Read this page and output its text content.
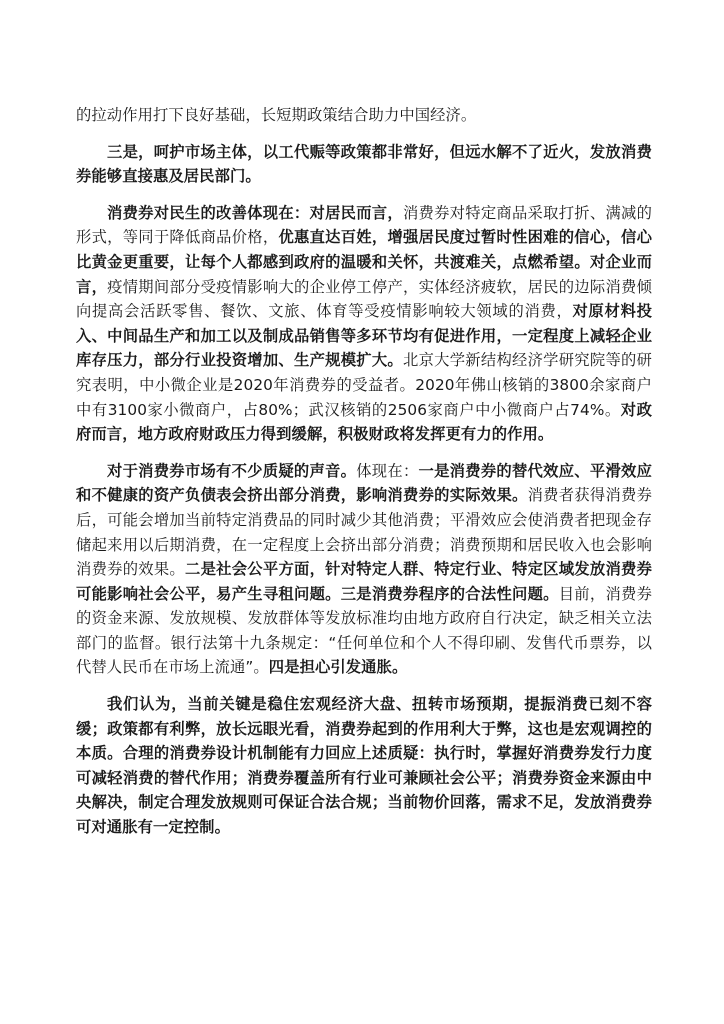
的拉动作用打下良好基础，长短期政策结合助力中国经济。

三是，呵护市场主体，以工代赈等政策都非常好，但远水解不了近火，发放消费券能够直接惠及居民部门。

消费券对民生的改善体现在：对居民而言，消费券对特定商品采取打折、满减的形式，等同于降低商品价格，优惠直达百姓，增强居民度过暂时性困难的信心，信心比黄金更重要，让每个人都感到政府的温暖和关怀，共渡难关，点燃希望。对企业而言，疫情期间部分受疫情影响大的企业停工停产，实体经济疲软，居民的边际消费倾向提高会活跃零售、餐饮、文旅、体育等受疫情影响较大领域的消费，对原材料投入、中间品生产和加工以及制成品销售等多环节均有促进作用，一定程度上减轻企业库存压力，部分行业投资增加、生产规模扩大。北京大学新结构经济学研究院等的研究表明，中小微企业是2020年消费券的受益者。2020年佛山核销的3800余家商户中有3100家小微商户，占80%；武汉核销的2506家商户中小微商户占74%。对政府而言，地方政府财政压力得到缓解，积极财政将发挥更有力的作用。

对于消费券市场有不少质疑的声音。体现在：一是消费券的替代效应、平滑效应和不健康的资产负债表会挤出部分消费，影响消费券的实际效果。消费者获得消费券后，可能会增加当前特定消费品的同时减少其他消费；平滑效应会使消费者把现金存储起来用以后期消费，在一定程度上会挤出部分消费；消费预期和居民收入也会影响消费券的效果。二是社会公平方面，针对特定人群、特定行业、特定区域发放消费券可能影响社会公平，易产生寻租问题。三是消费券程序的合法性问题。目前，消费券的资金来源、发放规模、发放群体等发放标准均由地方政府自行决定，缺乏相关立法部门的监督。银行法第十九条规定：“任何单位和个人不得印刷、发售代币票券，以代替人民币在市场上流通”。四是担心引发通胀。

我们认为，当前关键是稳住宏观经济大盘、扭转市场预期，提振消费已刻不容缓；政策都有利弊，放长远眼光看，消费券起到的作用利大于弊，这也是宏观调控的本质。合理的消费券设计机制能有力回应上述质疑：执行时，掌握好消费券发行力度可减轻消费的替代作用；消费券覆盖所有行业可兼顾社会公平；消费券资金来源由中央解决，制定合理发放规则可保证合法合规；当前物价回落，需求不足，发放消费券可对通胀有一定控制。
